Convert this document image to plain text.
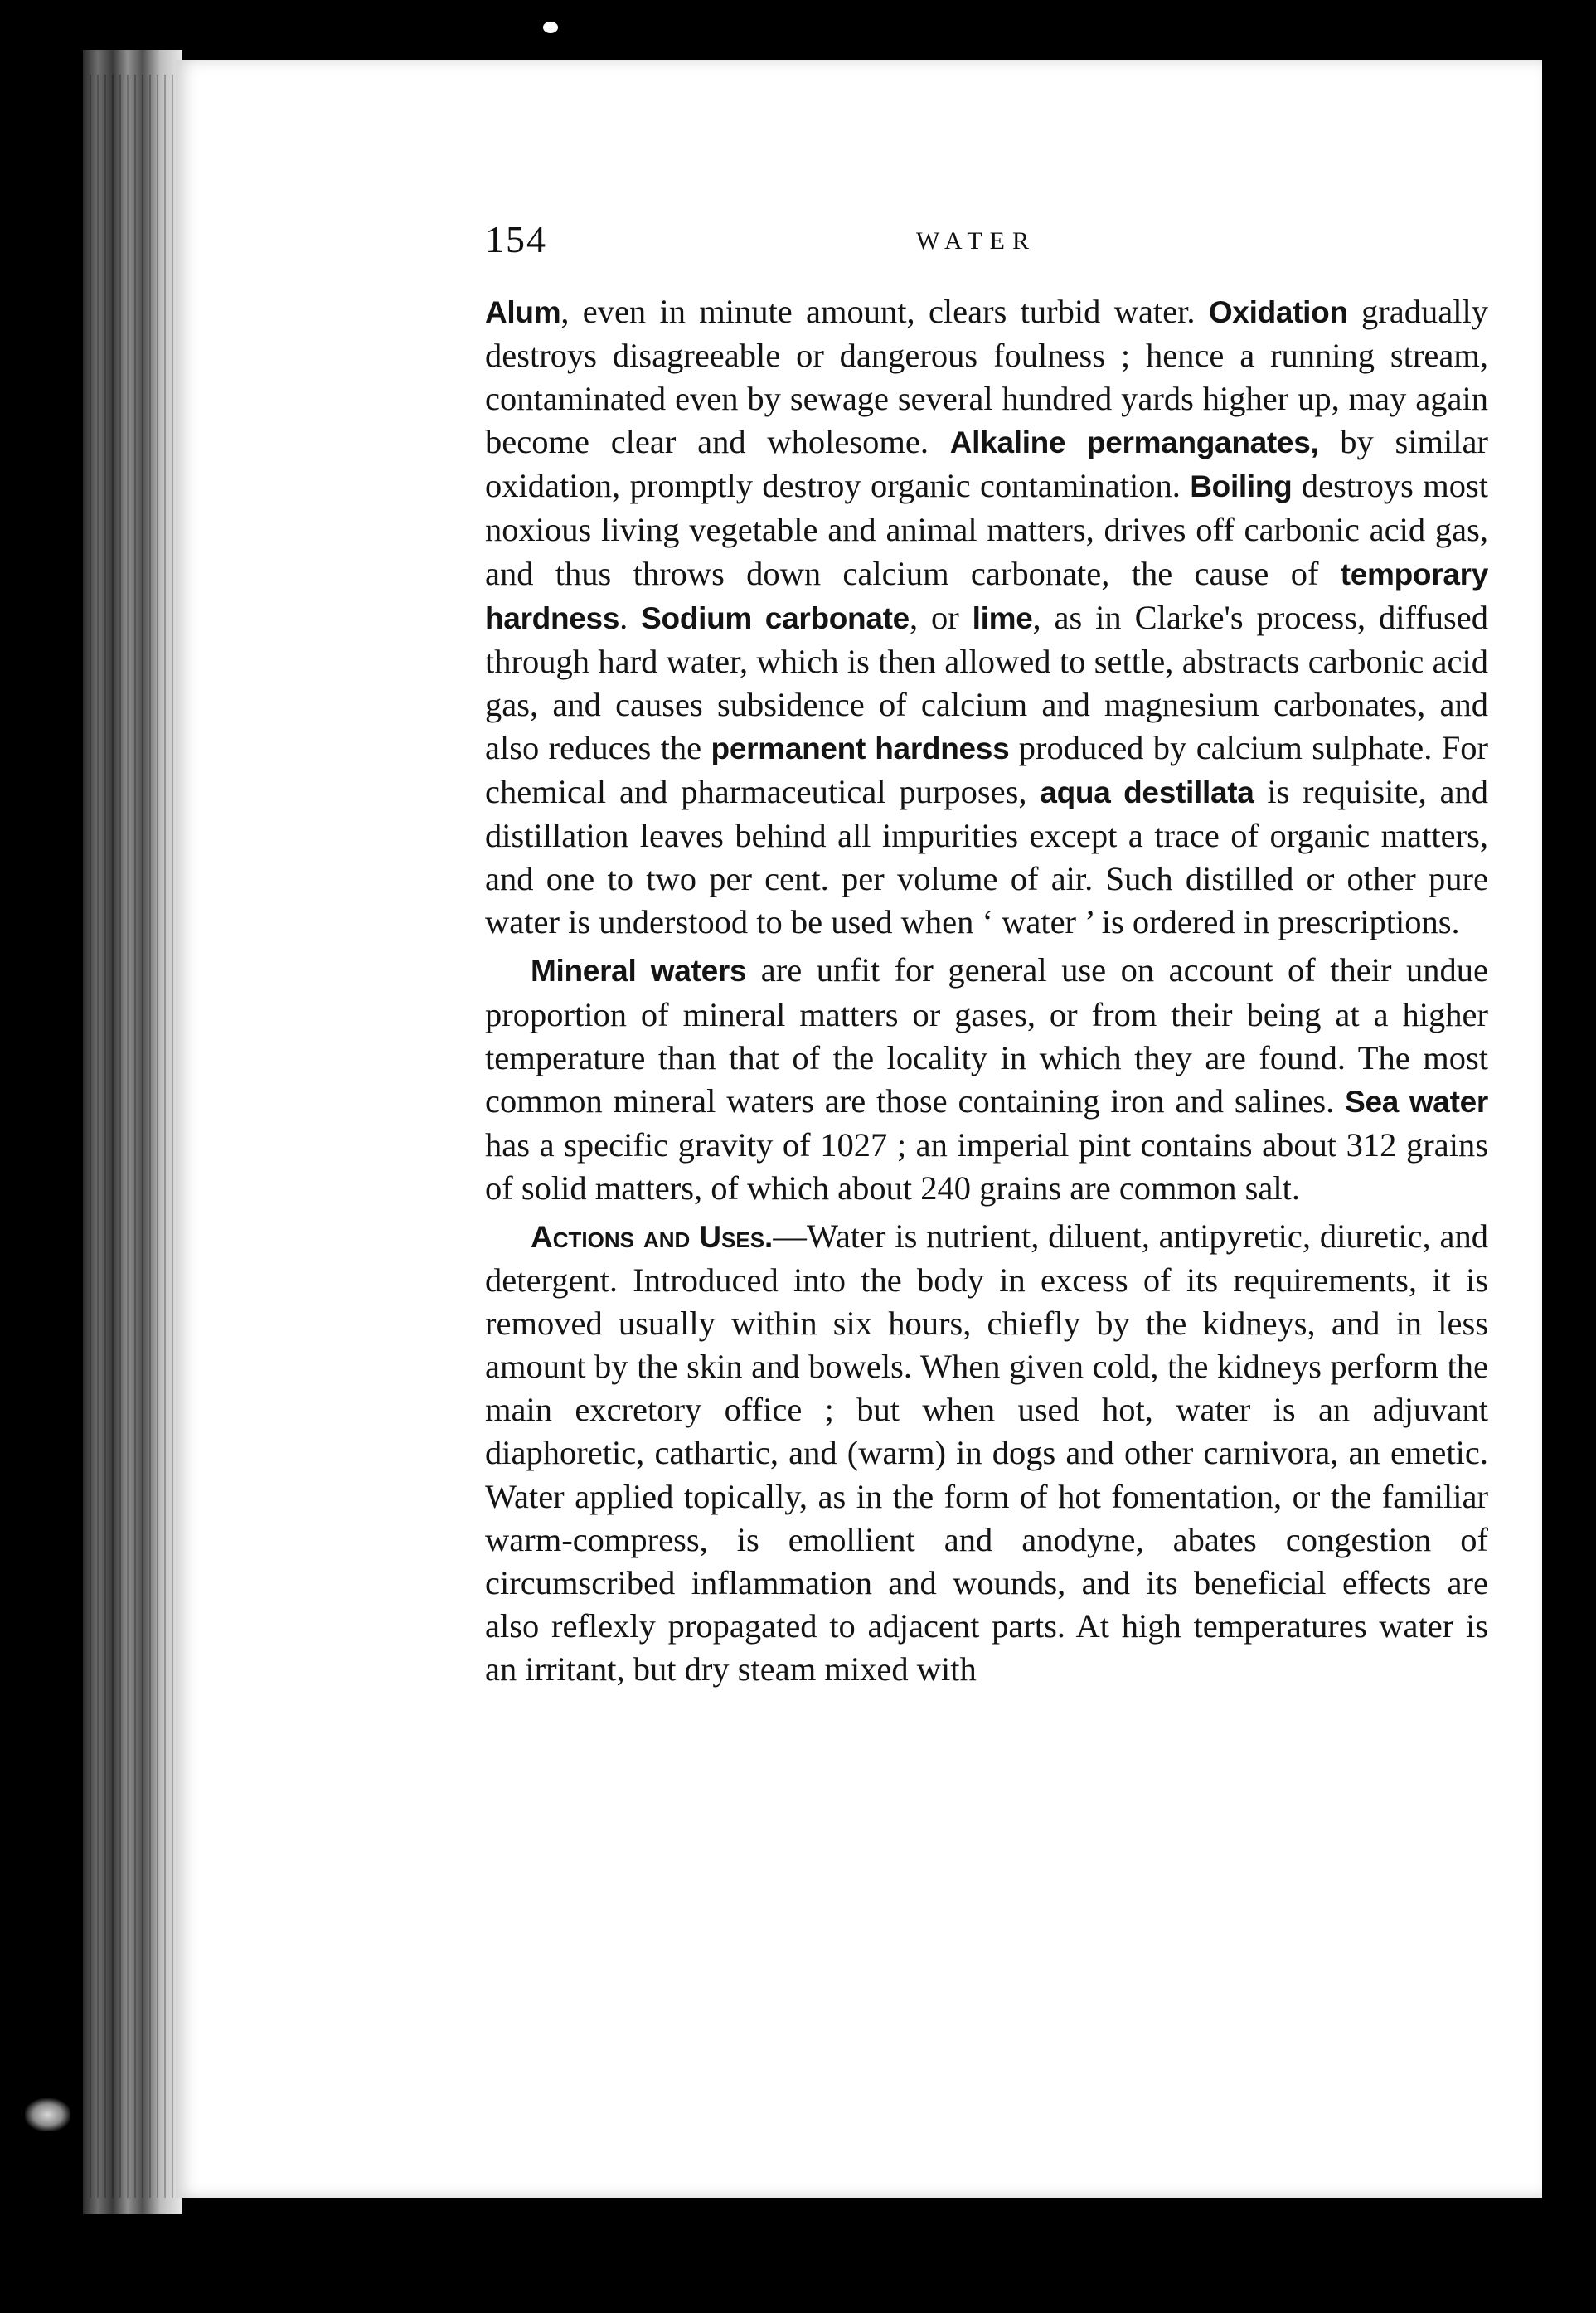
154	WATER

Alum, even in minute amount, clears turbid water. Oxidation gradually destroys disagreeable or dangerous foulness ; hence a running stream, contaminated even by sewage several hundred yards higher up, may again become clear and wholesome. Alkaline permanganates, by similar oxidation, promptly destroy organic contamination. Boiling destroys most noxious living vegetable and animal matters, drives off carbonic acid gas, and thus throws down calcium carbonate, the cause of temporary hardness. Sodium carbonate, or lime, as in Clarke's process, diffused through hard water, which is then allowed to settle, abstracts carbonic acid gas, and causes subsidence of calcium and magnesium carbonates, and also reduces the permanent hardness produced by calcium sulphate. For chemical and pharmaceutical purposes, aqua destillata is requisite, and distillation leaves behind all impurities except a trace of organic matters, and one to two per cent. per volume of air. Such distilled or other pure water is understood to be used when ‘ water ’ is ordered in prescriptions.

Mineral waters are unfit for general use on account of their undue proportion of mineral matters or gases, or from their being at a higher temperature than that of the locality in which they are found. The most common mineral waters are those containing iron and salines. Sea water has a specific gravity of 1027 ; an imperial pint contains about 312 grains of solid matters, of which about 240 grains are common salt.

Actions and Uses.—Water is nutrient, diluent, antipyretic, diuretic, and detergent. Introduced into the body in excess of its requirements, it is removed usually within six hours, chiefly by the kidneys, and in less amount by the skin and bowels. When given cold, the kidneys perform the main excretory office ; but when used hot, water is an adjuvant diaphoretic, cathartic, and (warm) in dogs and other carnivora, an emetic. Water applied topically, as in the form of hot fomentation, or the familiar warm-compress, is emollient and anodyne, abates congestion of circumscribed inflammation and wounds, and its beneficial effects are also reflexly propagated to adjacent parts. At high temperatures water is an irritant, but dry steam mixed with
